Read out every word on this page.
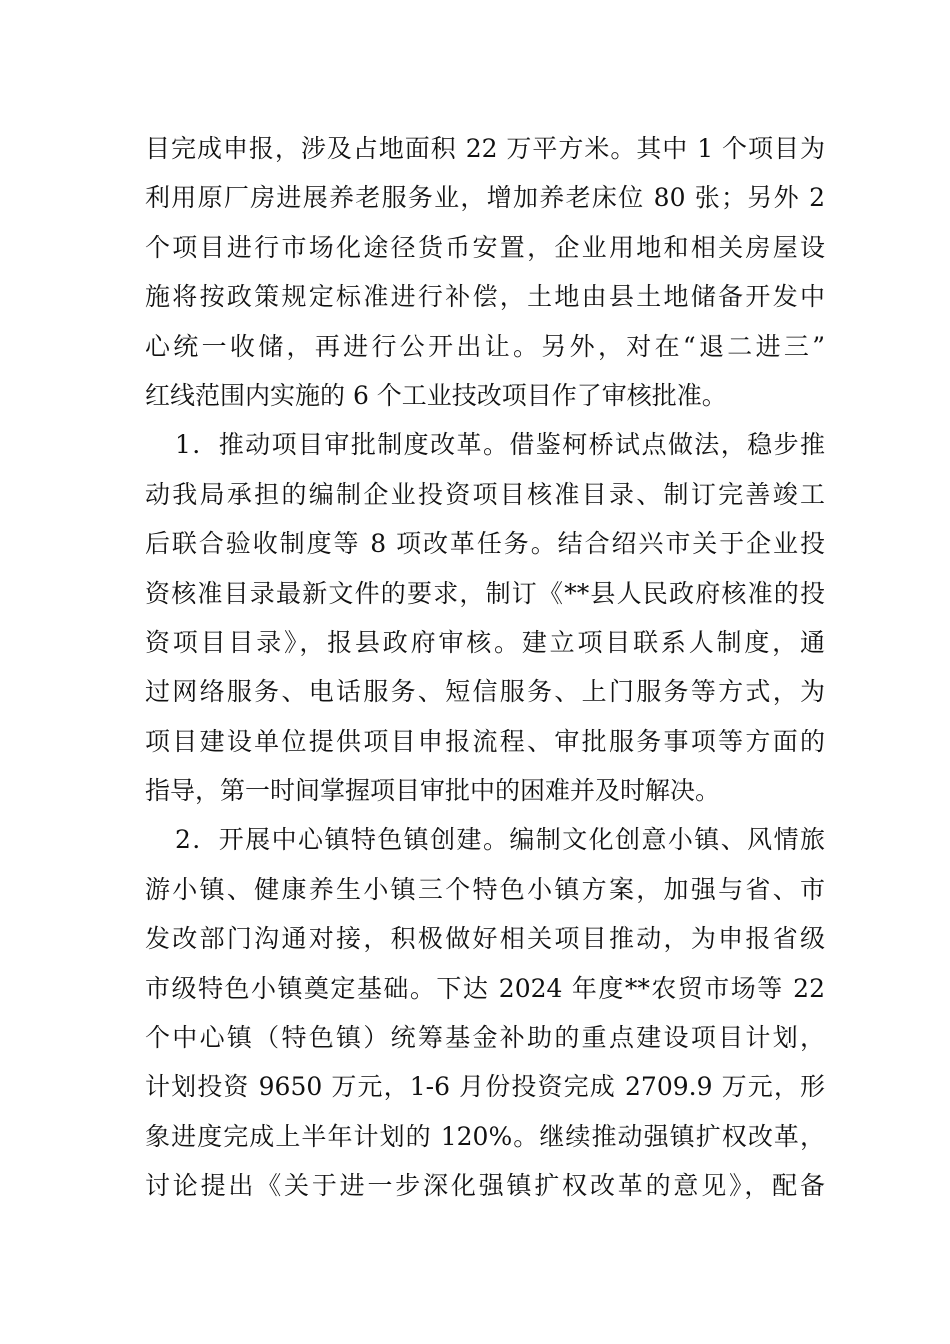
目完成申报，涉及占地面积 22 万平方米。其中 1 个项目为
利用原厂房进展养老服务业，增加养老床位 80 张；另外 2
个项目进行市场化途径货币安置，企业用地和相关房屋设
施将按政策规定标准进行补偿，土地由县土地储备开发中
心统一收储，再进行公开出让。另外，对在“退二进三”
红线范围内实施的 6 个工业技改项目作了审核批准。
1．推动项目审批制度改革。借鉴柯桥试点做法，稳步推
动我局承担的编制企业投资项目核准目录、制订完善竣工
后联合验收制度等 8 项改革任务。结合绍兴市关于企业投
资核准目录最新文件的要求，制订《**县人民政府核准的投
资项目目录》，报县政府审核。建立项目联系人制度，通
过网络服务、电话服务、短信服务、上门服务等方式，为
项目建设单位提供项目申报流程、审批服务事项等方面的
指导，第一时间掌握项目审批中的困难并及时解决。
2．开展中心镇特色镇创建。编制文化创意小镇、风情旅
游小镇、健康养生小镇三个特色小镇方案，加强与省、市
发改部门沟通对接，积极做好相关项目推动，为申报省级
市级特色小镇奠定基础。下达 2024 年度**农贸市场等 22
个中心镇（特色镇）统筹基金补助的重点建设项目计划，
计划投资 9650 万元，1-6 月份投资完成 2709.9 万元，形
象进度完成上半年计划的 120%。继续推动强镇扩权改革，
讨论提出《关于进一步深化强镇扩权改革的意见》，配备
